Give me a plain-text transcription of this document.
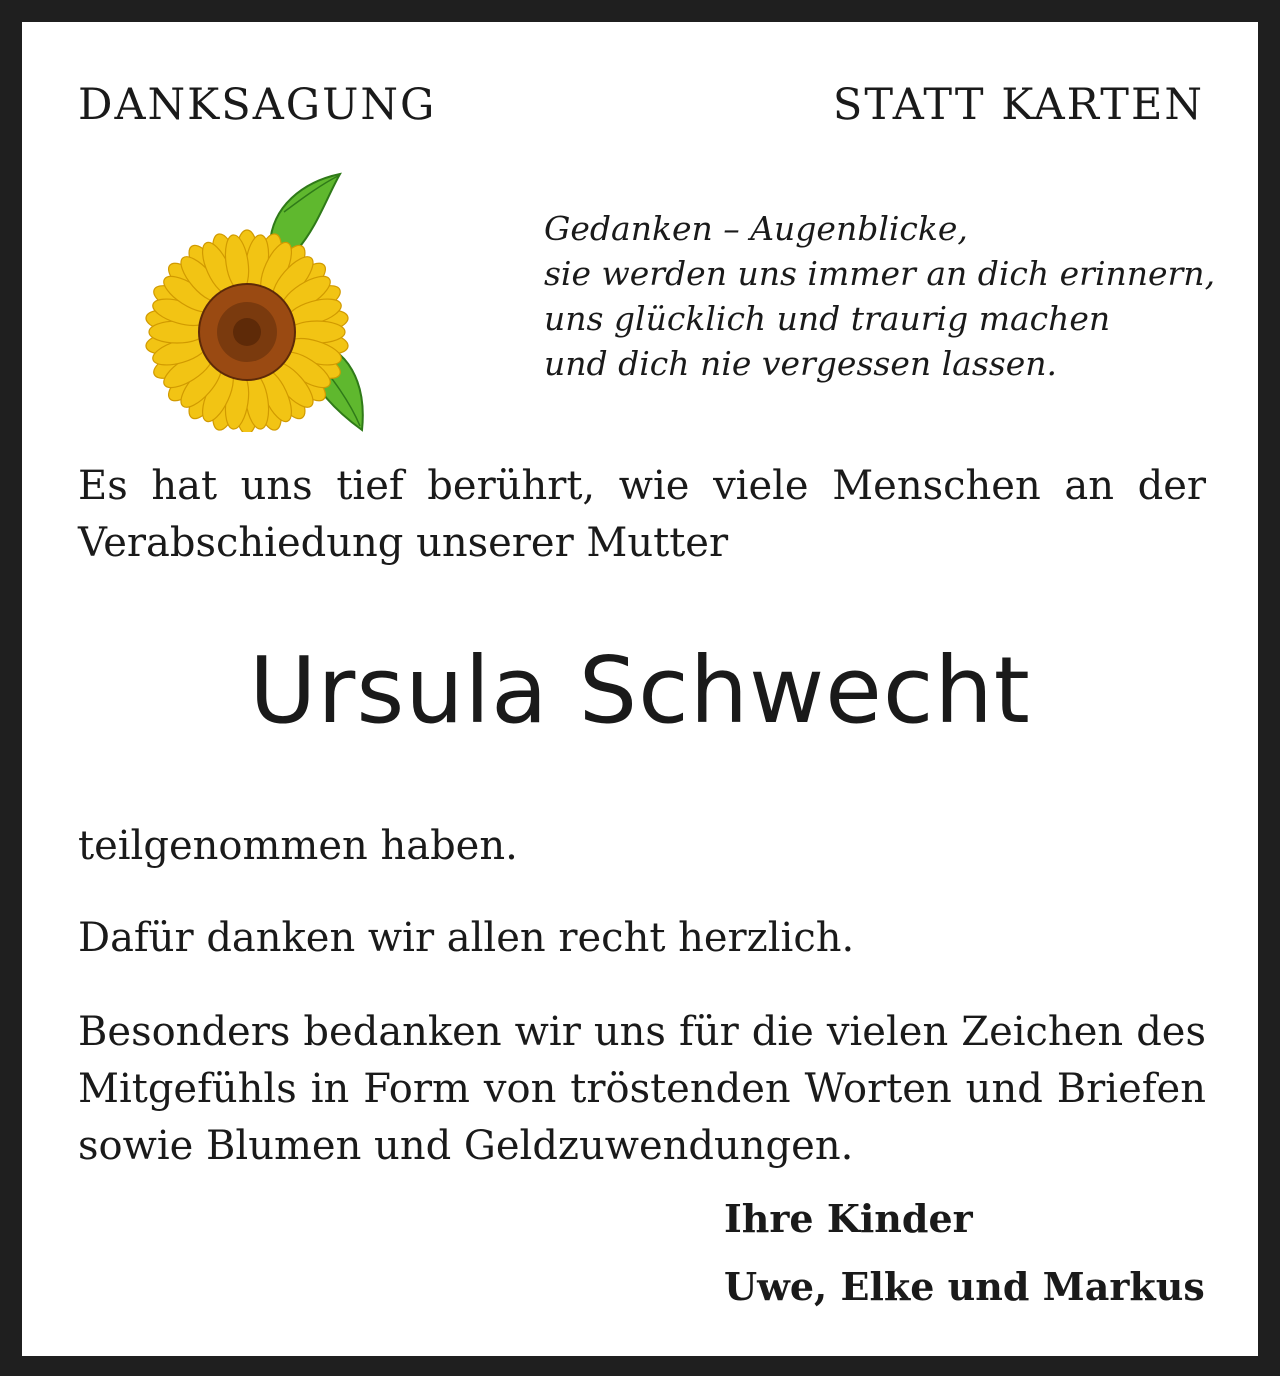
DANKSAGUNG	STATT KARTEN
Gedanken – Augenblicke,
sie werden uns immer an dich erinnern,
uns glücklich und traurig machen
und dich nie vergessen lassen.

Es hat uns tief berührt, wie viele Menschen an der Verabschiedung unserer Mutter

Ursula Schwecht

teilgenommen haben.

Dafür danken wir allen recht herzlich.

Besonders bedanken wir uns für die vielen Zeichen des Mitgefühls in Form von tröstenden Worten und Briefen sowie Blumen und Geldzuwendungen.

Ihre Kinder
Uwe, Elke und Markus
